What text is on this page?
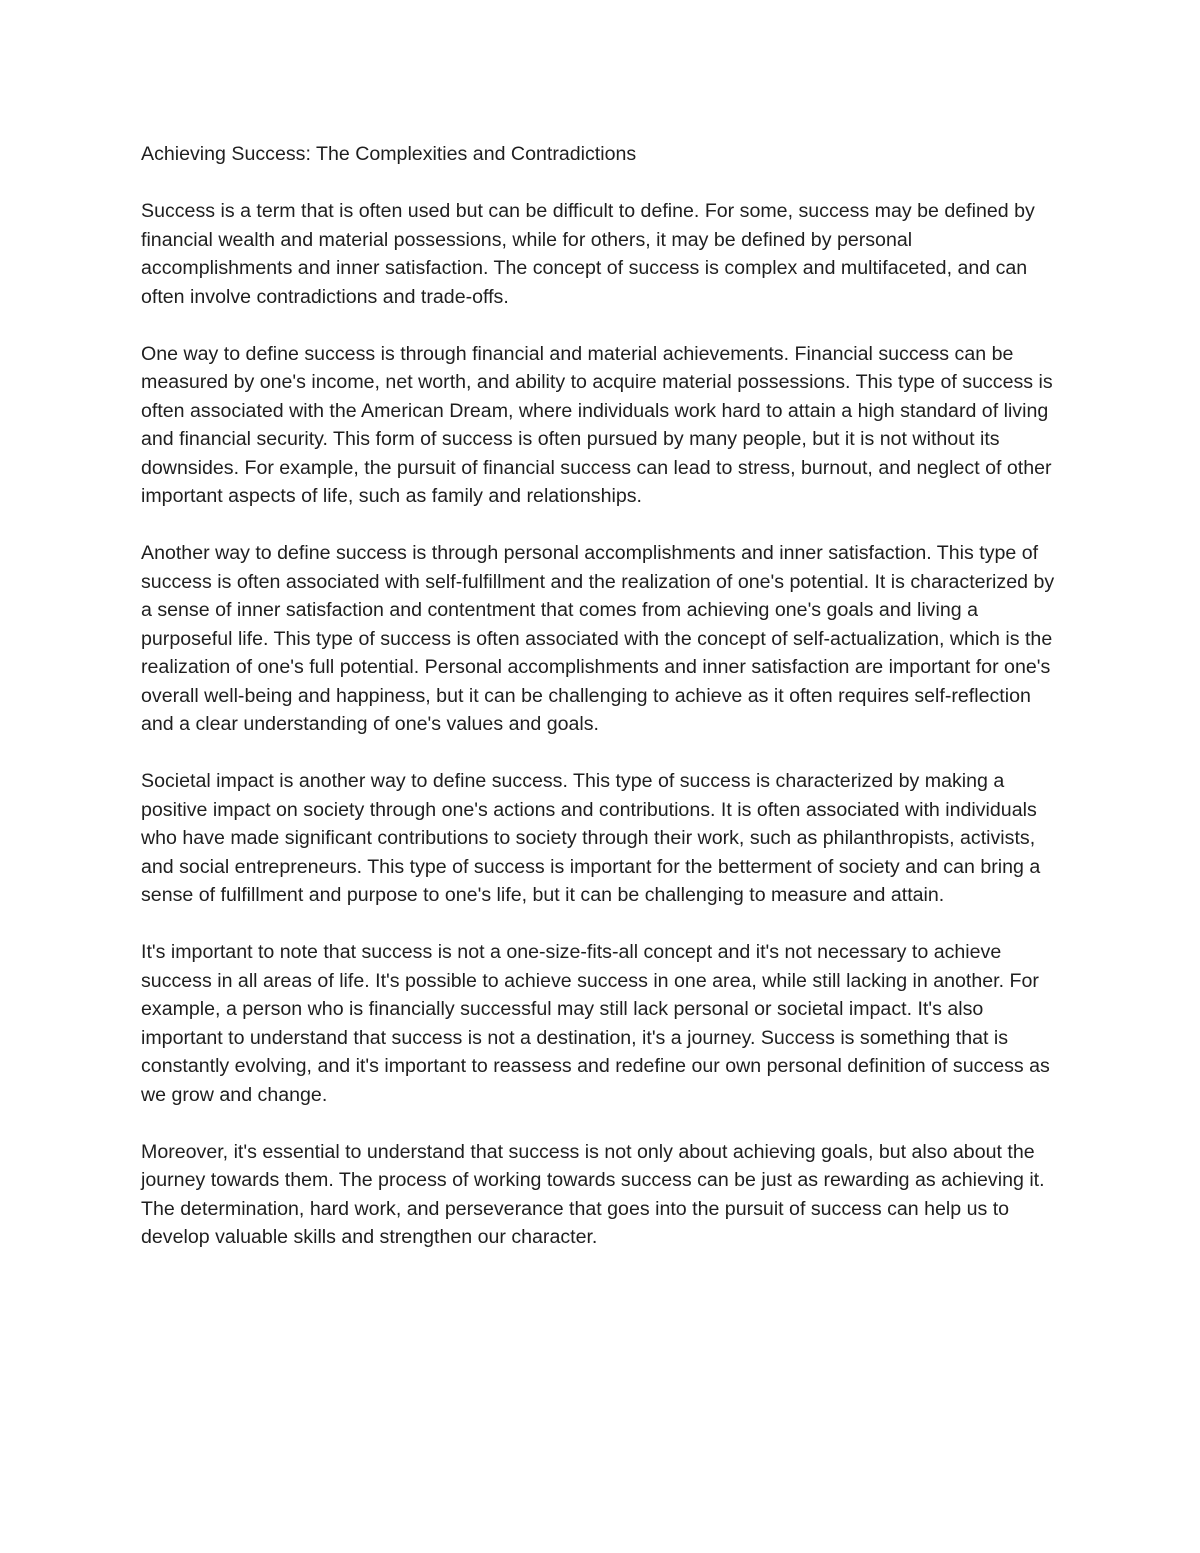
Achieving Success: The Complexities and Contradictions

Success is a term that is often used but can be difficult to define. For some, success may be defined by financial wealth and material possessions, while for others, it may be defined by personal accomplishments and inner satisfaction. The concept of success is complex and multifaceted, and can often involve contradictions and trade-offs.

One way to define success is through financial and material achievements. Financial success can be measured by one's income, net worth, and ability to acquire material possessions. This type of success is often associated with the American Dream, where individuals work hard to attain a high standard of living and financial security. This form of success is often pursued by many people, but it is not without its downsides. For example, the pursuit of financial success can lead to stress, burnout, and neglect of other important aspects of life, such as family and relationships.

Another way to define success is through personal accomplishments and inner satisfaction. This type of success is often associated with self-fulfillment and the realization of one's potential. It is characterized by a sense of inner satisfaction and contentment that comes from achieving one's goals and living a purposeful life. This type of success is often associated with the concept of self-actualization, which is the realization of one's full potential. Personal accomplishments and inner satisfaction are important for one's overall well-being and happiness, but it can be challenging to achieve as it often requires self-reflection and a clear understanding of one's values and goals.

Societal impact is another way to define success. This type of success is characterized by making a positive impact on society through one's actions and contributions. It is often associated with individuals who have made significant contributions to society through their work, such as philanthropists, activists, and social entrepreneurs. This type of success is important for the betterment of society and can bring a sense of fulfillment and purpose to one's life, but it can be challenging to measure and attain.

It's important to note that success is not a one-size-fits-all concept and it's not necessary to achieve success in all areas of life. It's possible to achieve success in one area, while still lacking in another. For example, a person who is financially successful may still lack personal or societal impact. It's also important to understand that success is not a destination, it's a journey. Success is something that is constantly evolving, and it's important to reassess and redefine our own personal definition of success as we grow and change.

Moreover, it's essential to understand that success is not only about achieving goals, but also about the journey towards them. The process of working towards success can be just as rewarding as achieving it. The determination, hard work, and perseverance that goes into the pursuit of success can help us to develop valuable skills and strengthen our character.
